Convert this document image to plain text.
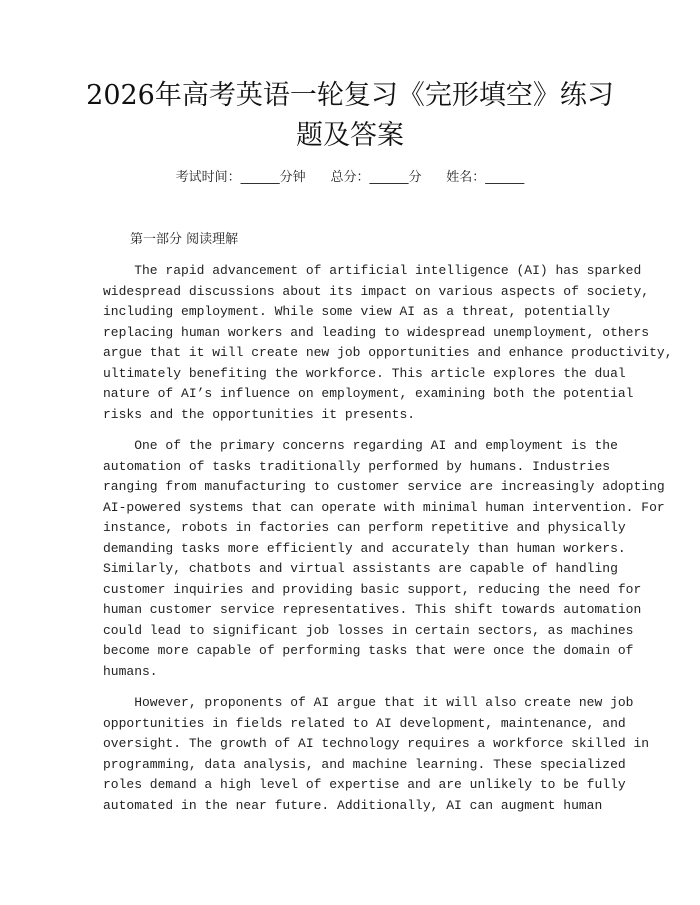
2026年高考英语一轮复习《完形填空》练习
题及答案
考试时间：______分钟 总分：______分 姓名：______
第一部分 阅读理解
The rapid advancement of artificial intelligence (AI) has sparked
widespread discussions about its impact on various aspects of society,
including employment. While some view AI as a threat, potentially
replacing human workers and leading to widespread unemployment, others
argue that it will create new job opportunities and enhance productivity,
ultimately benefiting the workforce. This article explores the dual
nature of AI’s influence on employment, examining both the potential
risks and the opportunities it presents.
One of the primary concerns regarding AI and employment is the
automation of tasks traditionally performed by humans. Industries
ranging from manufacturing to customer service are increasingly adopting
AI-powered systems that can operate with minimal human intervention. For
instance, robots in factories can perform repetitive and physically
demanding tasks more efficiently and accurately than human workers.
Similarly, chatbots and virtual assistants are capable of handling
customer inquiries and providing basic support, reducing the need for
human customer service representatives. This shift towards automation
could lead to significant job losses in certain sectors, as machines
become more capable of performing tasks that were once the domain of
humans.
However, proponents of AI argue that it will also create new job
opportunities in fields related to AI development, maintenance, and
oversight. The growth of AI technology requires a workforce skilled in
programming, data analysis, and machine learning. These specialized
roles demand a high level of expertise and are unlikely to be fully
automated in the near future. Additionally, AI can augment human
